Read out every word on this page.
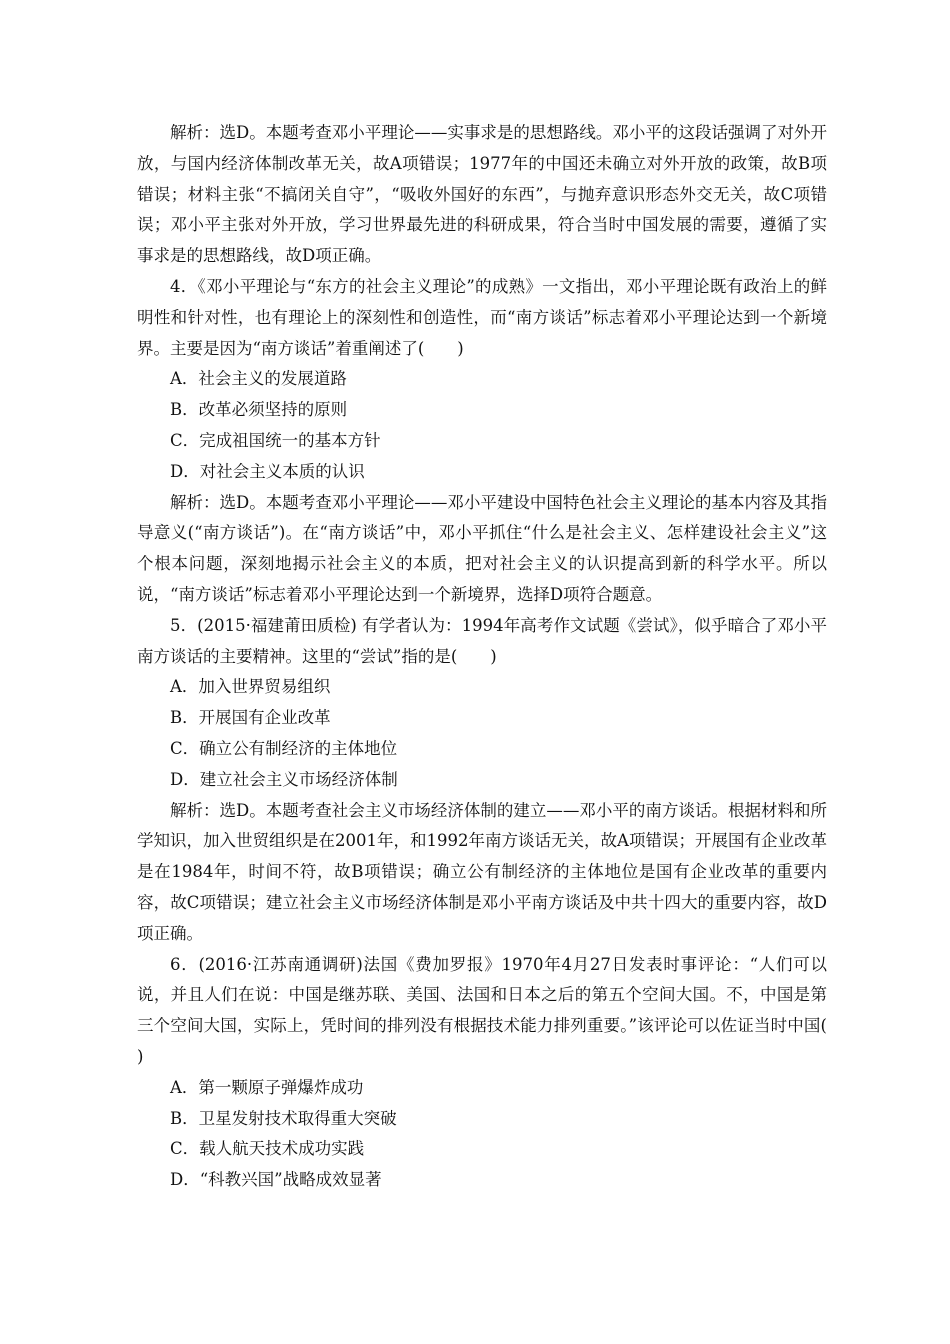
解析：选D。本题考查邓小平理论——实事求是的思想路线。邓小平的这段话强调了对外开放，与国内经济体制改革无关，故A项错误；1977年的中国还未确立对外开放的政策，故B项错误；材料主张“不搞闭关自守”，“吸收外国好的东西”，与抛弃意识形态外交无关，故C项错误；邓小平主张对外开放，学习世界最先进的科研成果，符合当时中国发展的需要，遵循了实事求是的思想路线，故D项正确。

4．《邓小平理论与“东方的社会主义理论”的成熟》一文指出，邓小平理论既有政治上的鲜明性和针对性，也有理论上的深刻性和创造性，而“南方谈话”标志着邓小平理论达到一个新境界。主要是因为“南方谈话”着重阐述了(　　)

A．社会主义的发展道路

B．改革必须坚持的原则

C．完成祖国统一的基本方针

D．对社会主义本质的认识

解析：选D。本题考查邓小平理论——邓小平建设中国特色社会主义理论的基本内容及其指导意义(“南方谈话”)。在“南方谈话”中，邓小平抓住“什么是社会主义、怎样建设社会主义”这个根本问题，深刻地揭示社会主义的本质，把对社会主义的认识提高到新的科学水平。所以说，“南方谈话”标志着邓小平理论达到一个新境界，选择D项符合题意。

5．(2015·福建莆田质检) 有学者认为：1994年高考作文试题《尝试》，似乎暗合了邓小平南方谈话的主要精神。这里的“尝试”指的是(　　)

A．加入世界贸易组织

B．开展国有企业改革

C．确立公有制经济的主体地位

D．建立社会主义市场经济体制

解析：选D。本题考查社会主义市场经济体制的建立——邓小平的南方谈话。根据材料和所学知识，加入世贸组织是在2001年，和1992年南方谈话无关，故A项错误；开展国有企业改革是在1984年，时间不符，故B项错误；确立公有制经济的主体地位是国有企业改革的重要内容，故C项错误；建立社会主义市场经济体制是邓小平南方谈话及中共十四大的重要内容，故D项正确。

6．(2016·江苏南通调研)法国《费加罗报》1970年4月27日发表时事评论：“人们可以说，并且人们在说：中国是继苏联、美国、法国和日本之后的第五个空间大国。不，中国是第三个空间大国，实际上，凭时间的排列没有根据技术能力排列重要。”该评论可以佐证当时中国(　　)

A．第一颗原子弹爆炸成功

B．卫星发射技术取得重大突破

C．载人航天技术成功实践

D．“科教兴国”战略成效显著
